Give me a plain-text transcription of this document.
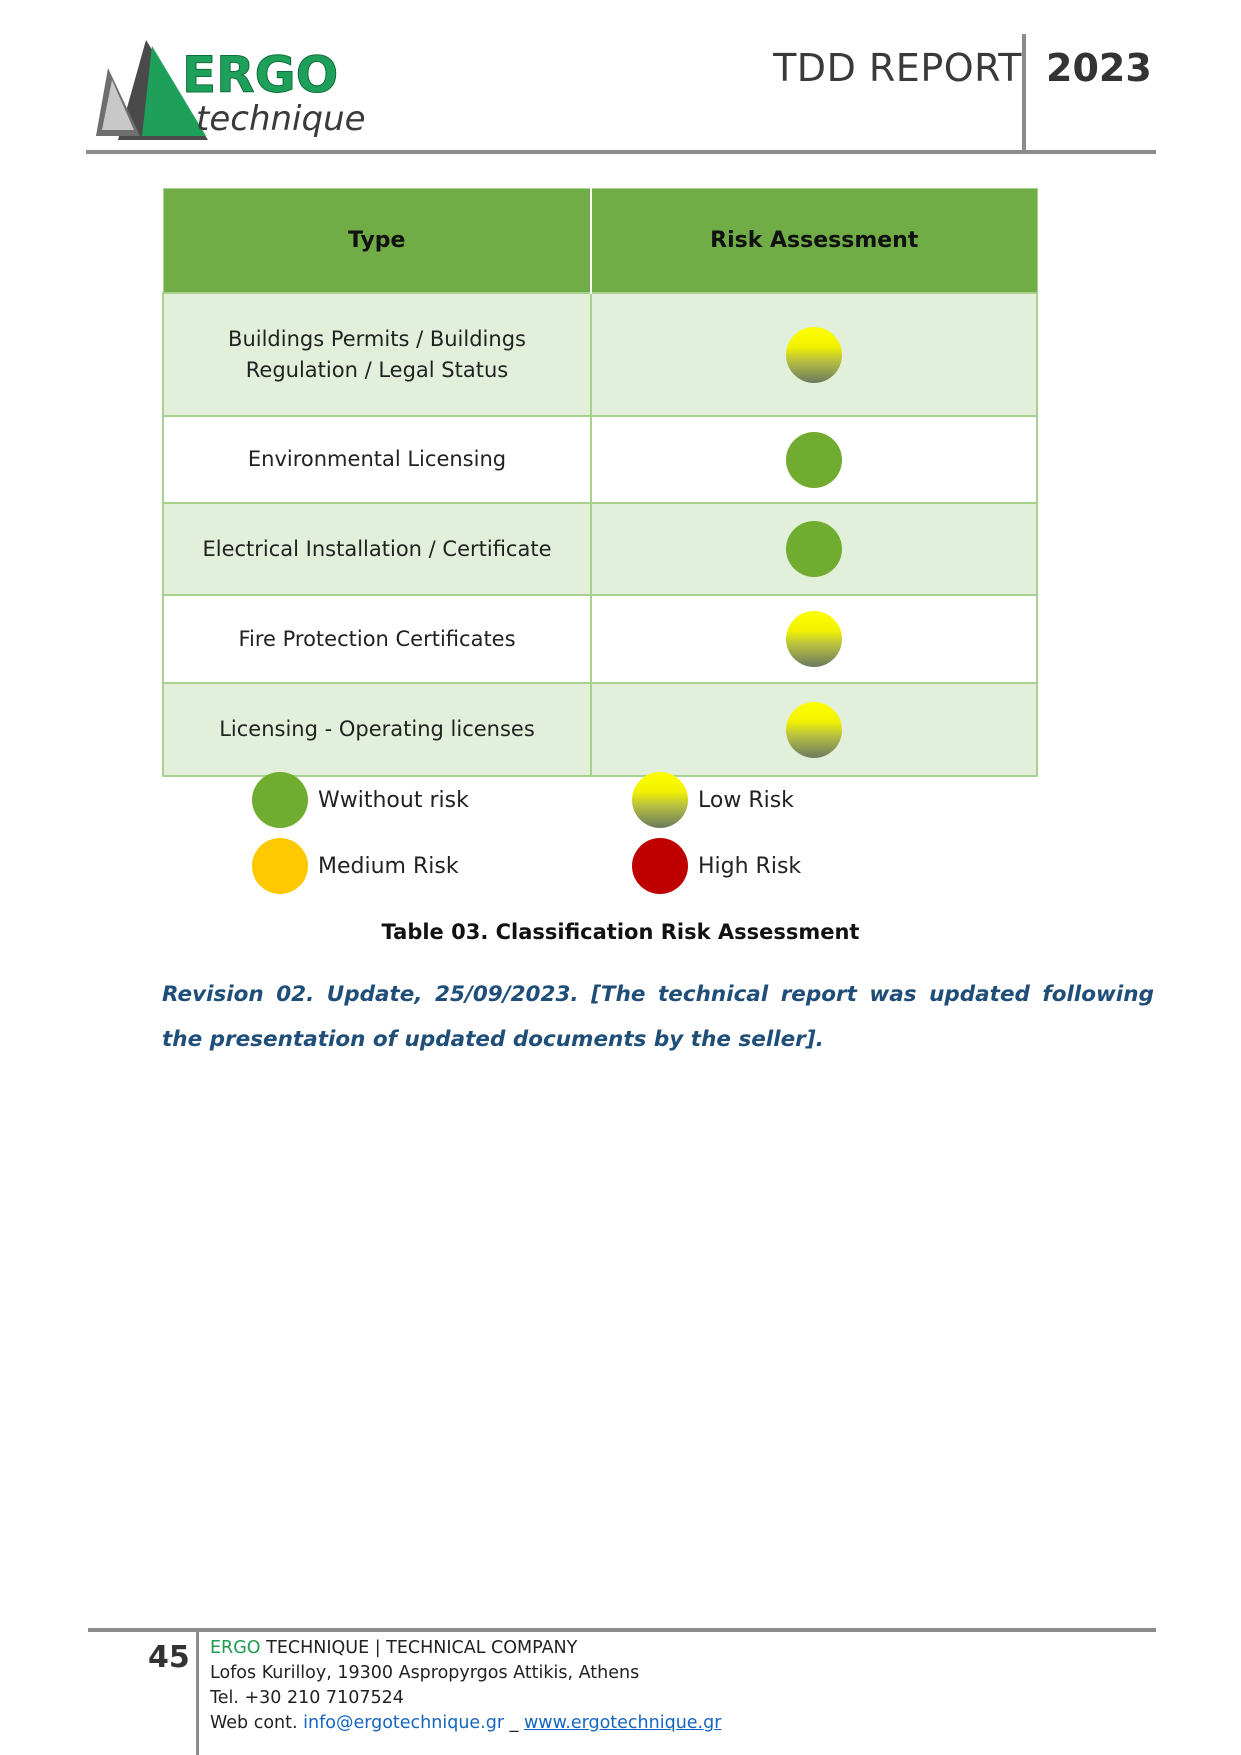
ERGO
technique
TDD REPORT 2023
Type	Risk Assessment
Buildings Permits / Buildings Regulation / Legal Status	
Environmental Licensing	
Electrical Installation / Certificate	
Fire Protection Certificates	
Licensing - Operating licenses	
Wwithout risk	Low Risk
Medium Risk	High Risk
Table 03. Classification Risk Assessment
Revision 02. Update, 25/09/2023. [The technical report was updated following the presentation of updated documents by the seller].
45 ERGO TECHNIQUE | TECHNICAL COMPANY
Lofos Kurilloy, 19300 Aspropyrgos Attikis, Athens
Tel. +30 210 7107524
Web cont. info@ergotechnique.gr _ www.ergotechnique.gr
